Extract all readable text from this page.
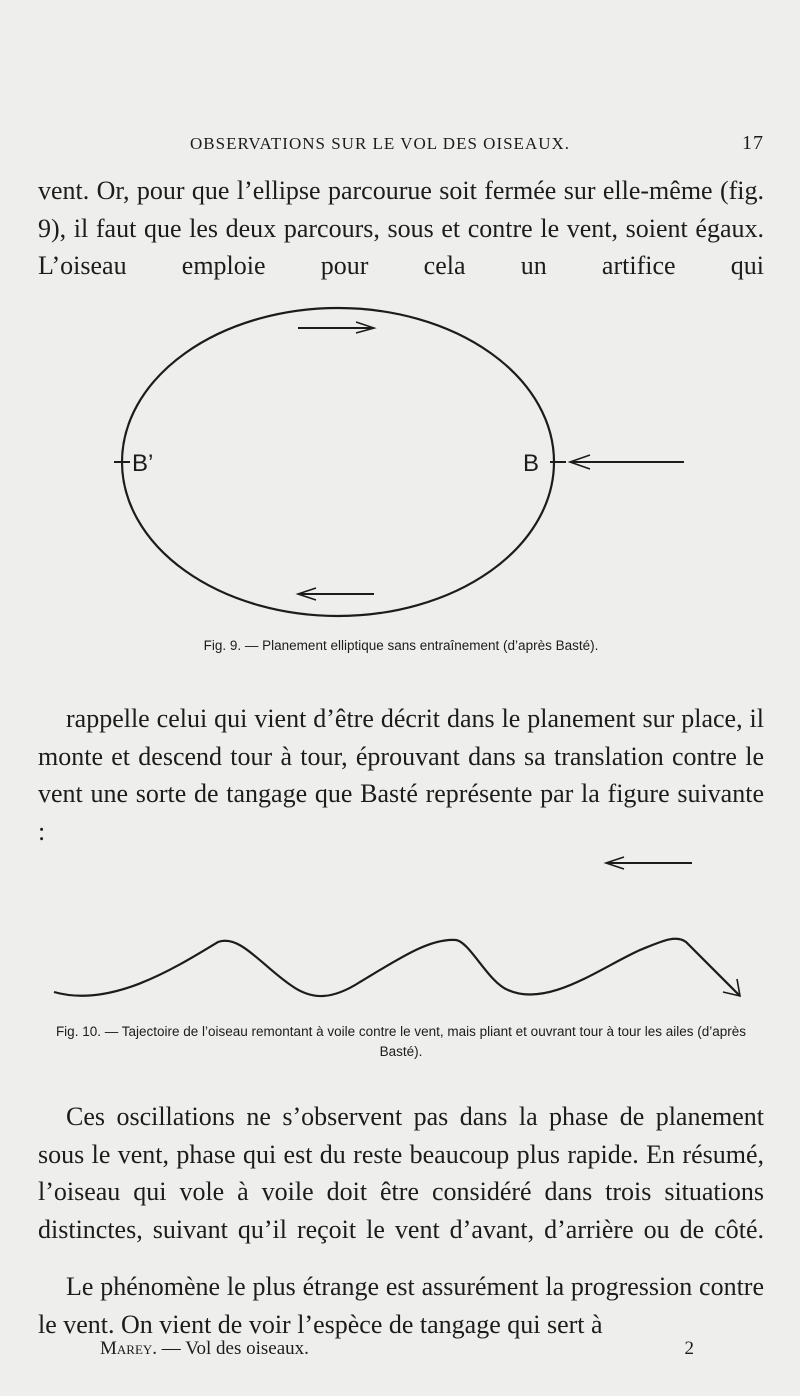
OBSERVATIONS SUR LE VOL DES OISEAUX.	17

vent. Or, pour que l’ellipse parcourue soit fermée sur elle-même (fig. 9), il faut que les deux parcours, sous et contre le vent, soient égaux. L’oiseau emploie pour cela un artifice qui

B’	B

Fig. 9. — Planement elliptique sans entraînement (d’après Basté).

rappelle celui qui vient d’être décrit dans le planement sur place, il monte et descend tour à tour, éprouvant dans sa translation contre le vent une sorte de tangage que Basté représente par la figure suivante :

Fig. 10. — Tajectoire de l’oiseau remontant à voile contre le vent, mais pliant et ouvrant tour à tour les ailes (d’après Basté).

Ces oscillations ne s’observent pas dans la phase de planement sous le vent, phase qui est du reste beaucoup plus rapide. En résumé, l’oiseau qui vole à voile doit être considéré dans trois situations distinctes, suivant qu’il reçoit le vent d’avant, d’arrière ou de côté.

Le phénomène le plus étrange est assurément la progression contre le vent. On vient de voir l’espèce de tangage qui sert à

Marey. — Vol des oiseaux.	2
